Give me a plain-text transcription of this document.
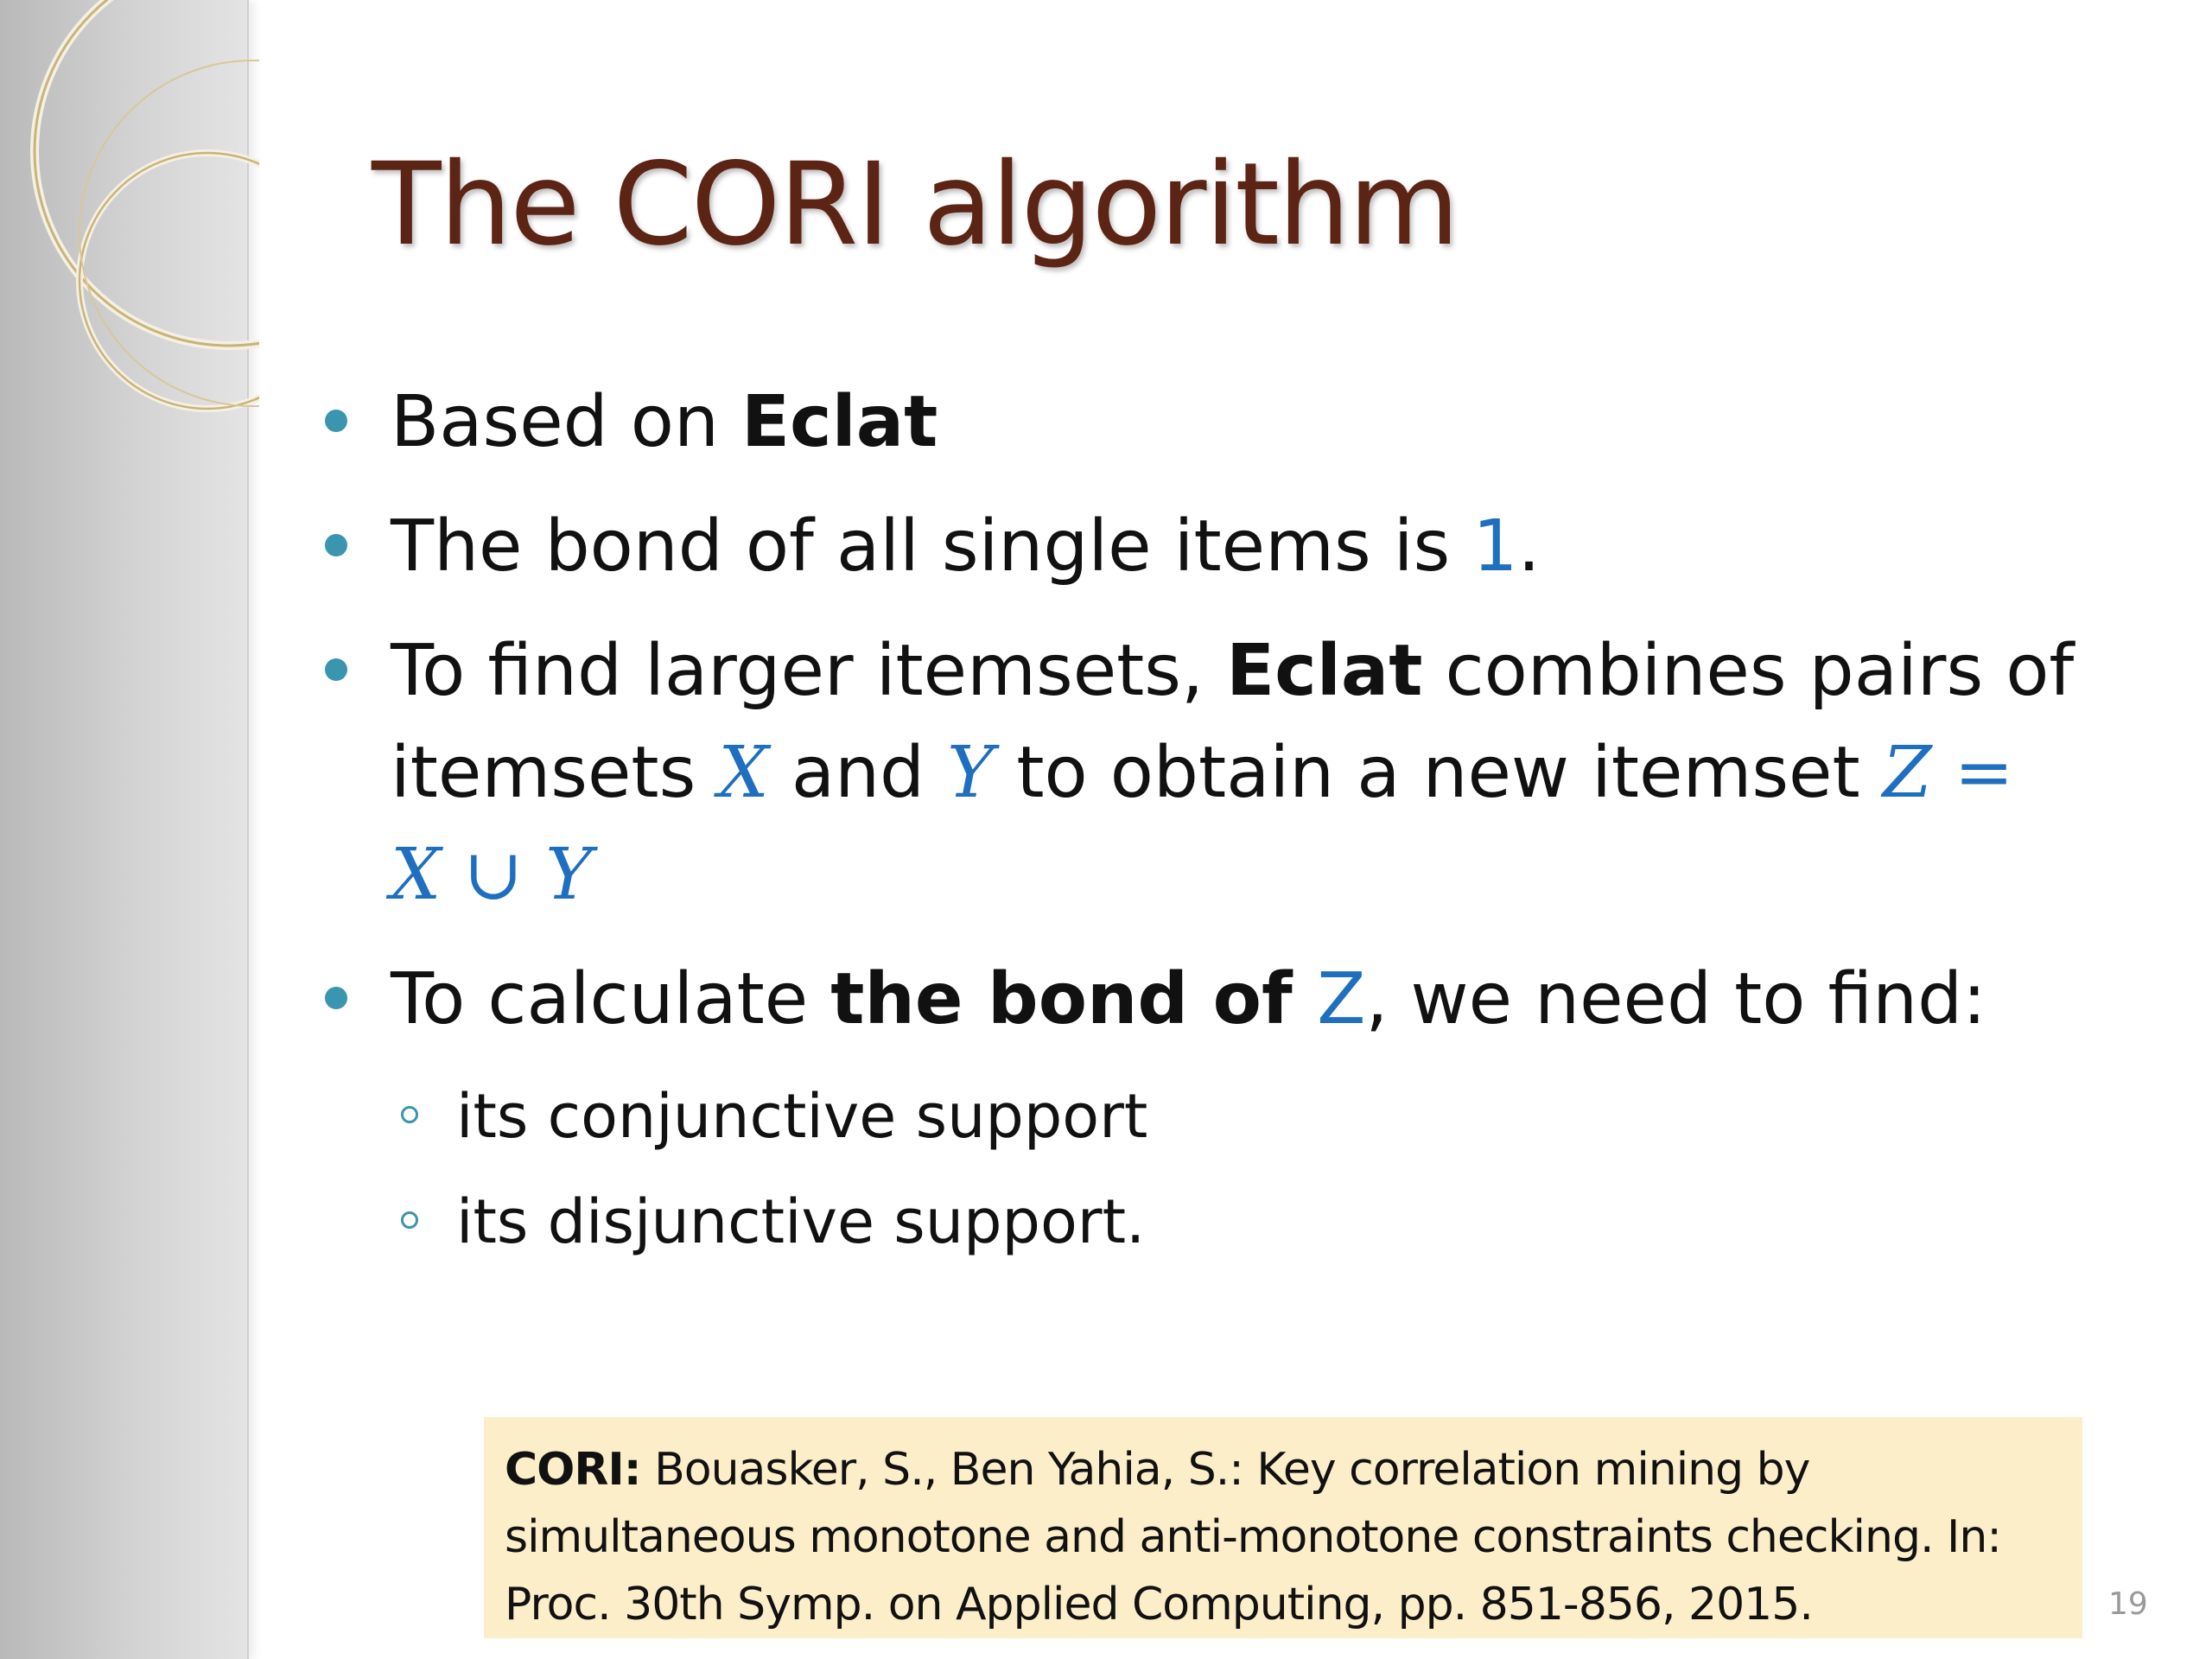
The CORI algorithm
Based on Eclat
The bond of all single items is 1.
To find larger itemsets, Eclat combines pairs of itemsets X and Y to obtain a new itemset Z =
X ∪ Y
To calculate the bond of Z, we need to find:
its conjunctive support
its disjunctive support.
CORI: Bouasker, S., Ben Yahia, S.: Key correlation mining by simultaneous monotone and anti-monotone constraints checking. In: Proc. 30th Symp. on Applied Computing, pp. 851-856, 2015.	19
